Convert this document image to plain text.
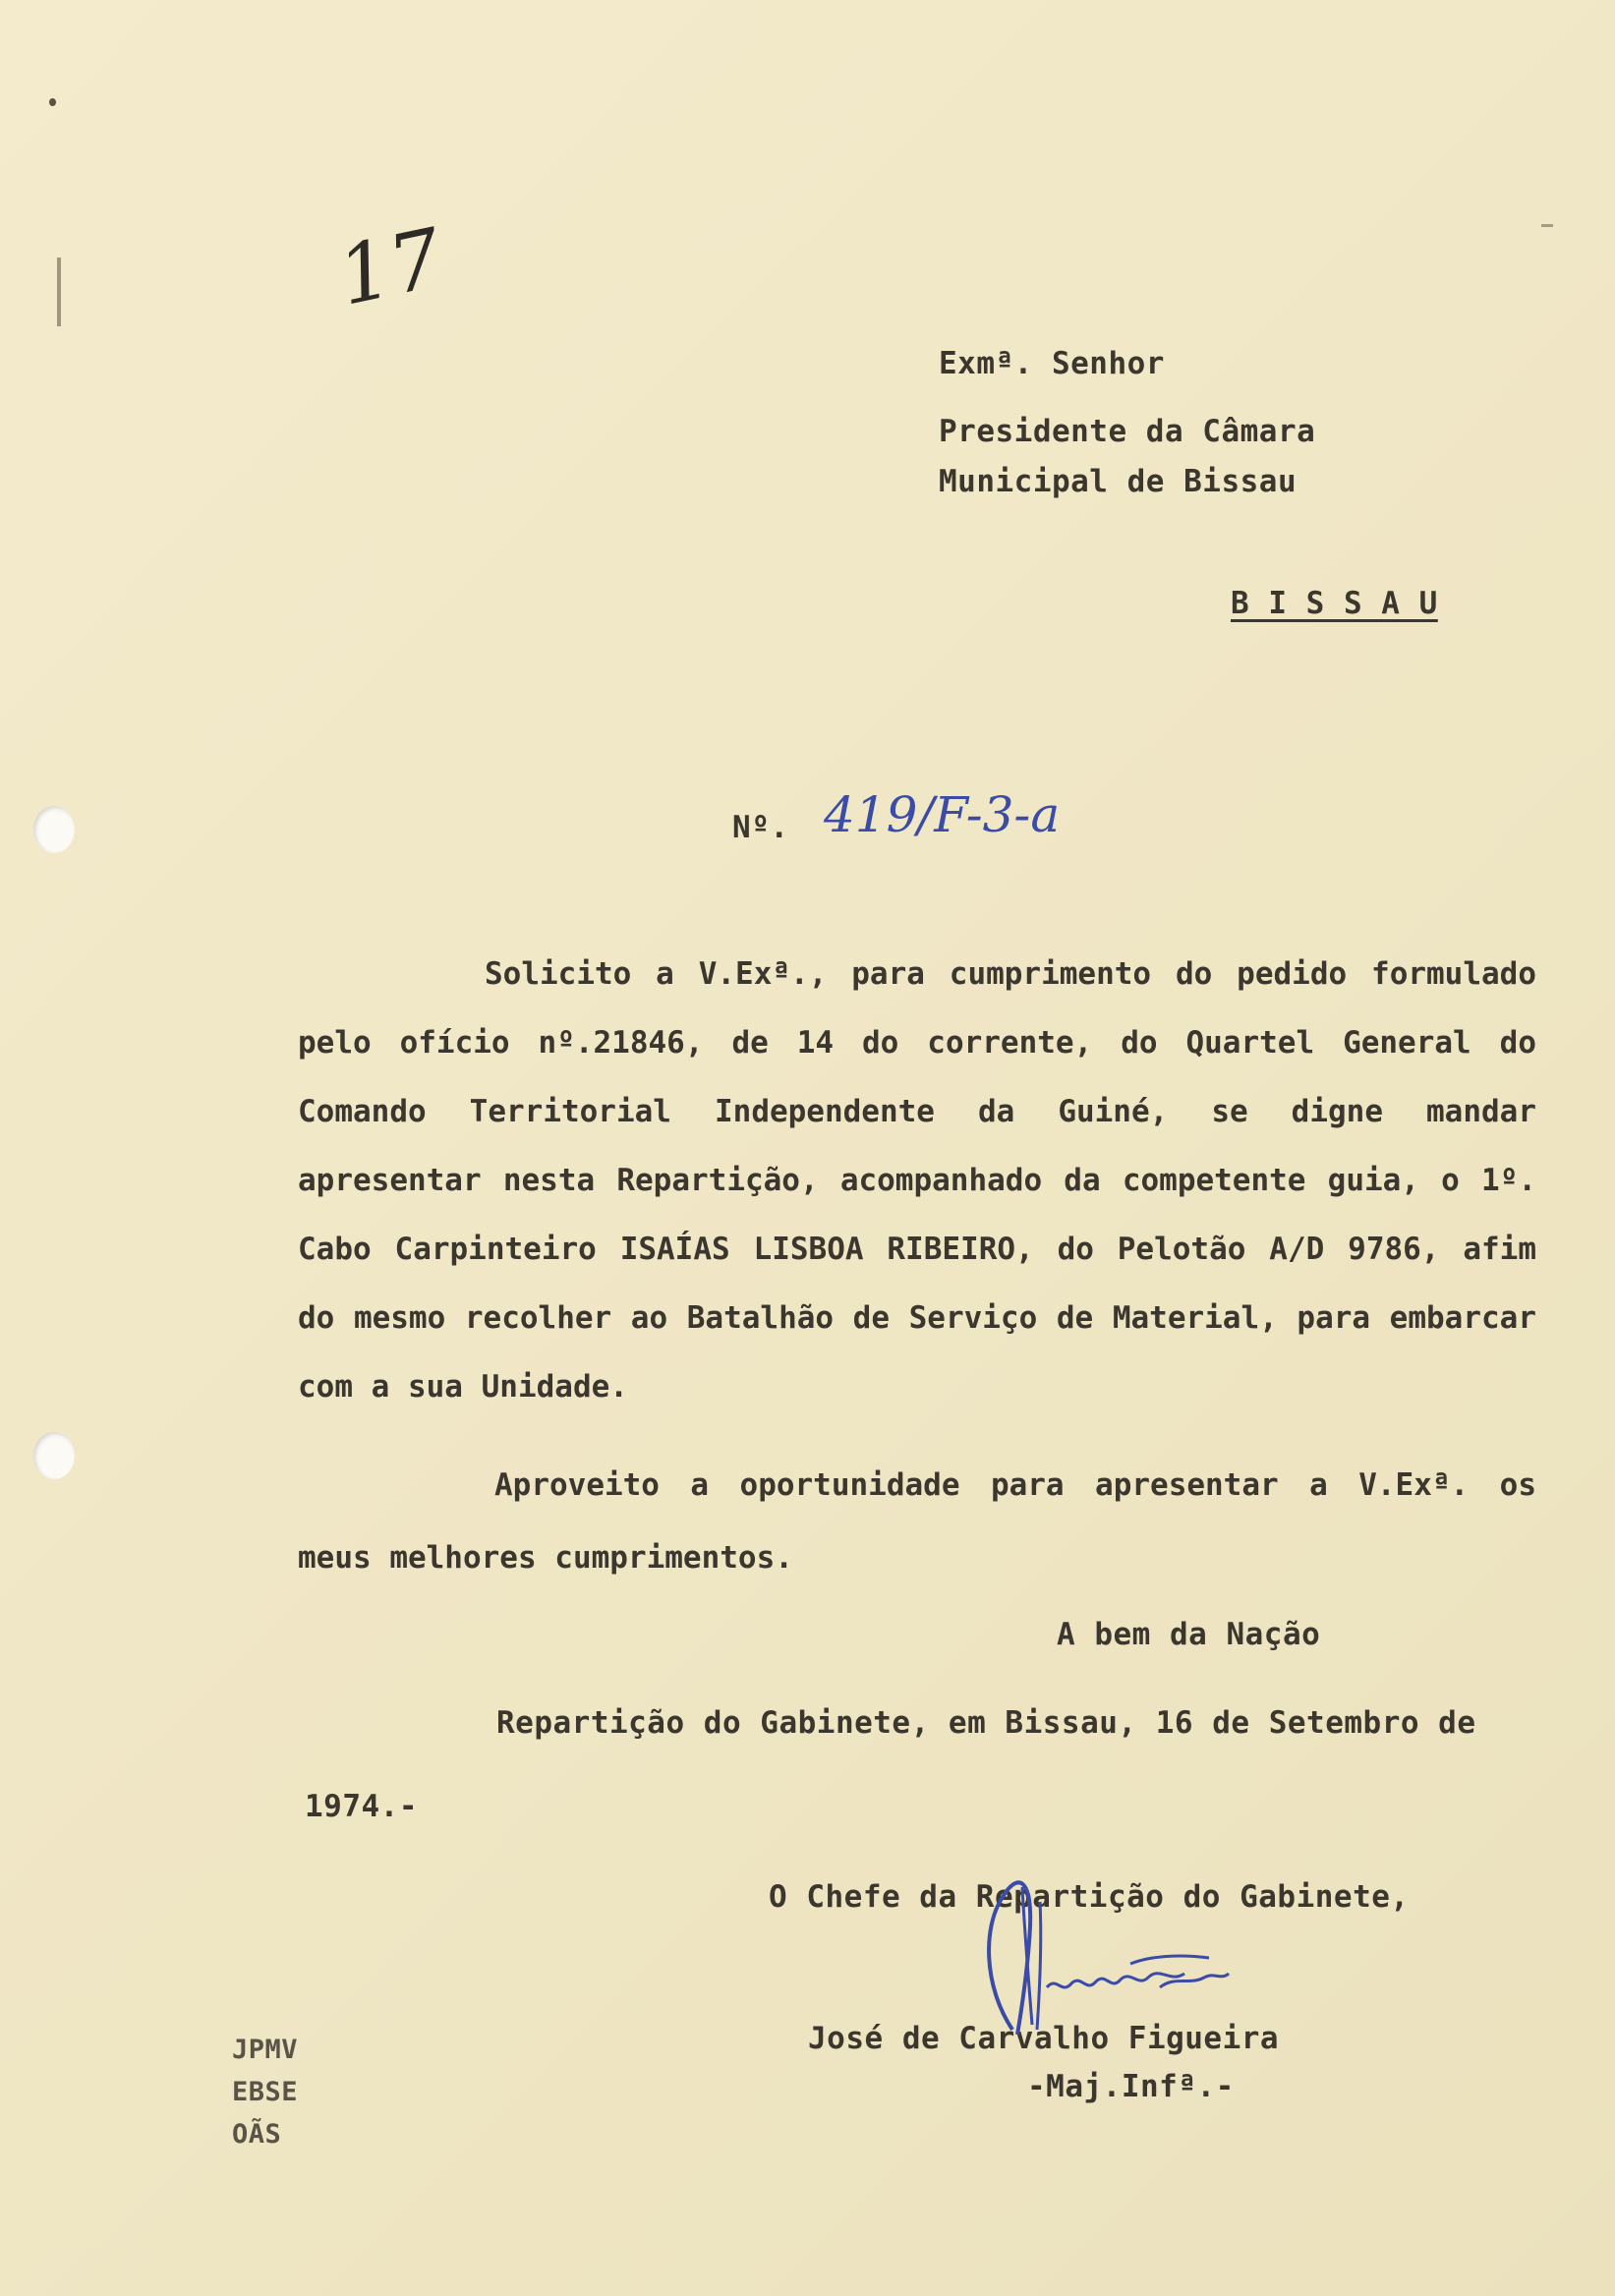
17
Exmª. Senhor
Presidente da Câmara
Municipal de Bissau
B I S S A U
Nº. 419/F-3-a
Solicito a V.Exª., para cumprimento do pedido formulado pelo ofício nº.21846, de 14 do corrente, do Quartel General do Comando Territorial Independente da Guiné, se digne mandar apresentar nesta Repartição, acompanhado da competente guia, o 1º. Cabo Carpinteiro ISAÍAS LISBOA RIBEIRO, do Pelotão A/D 9786, afim do mesmo recolher ao Batalhão de Serviço de Material, para embarcar com a sua Unidade.
Aproveito a oportunidade para apresentar a V.Exª. os meus melhores cumprimentos.
A bem da Nação
Repartição do Gabinete, em Bissau, 16 de Setembro de
1974.-
O Chefe da Repartição do Gabinete,
José de Carvalho Figueira
-Maj.Infª.-
JPMV
EBSE
OÃS
